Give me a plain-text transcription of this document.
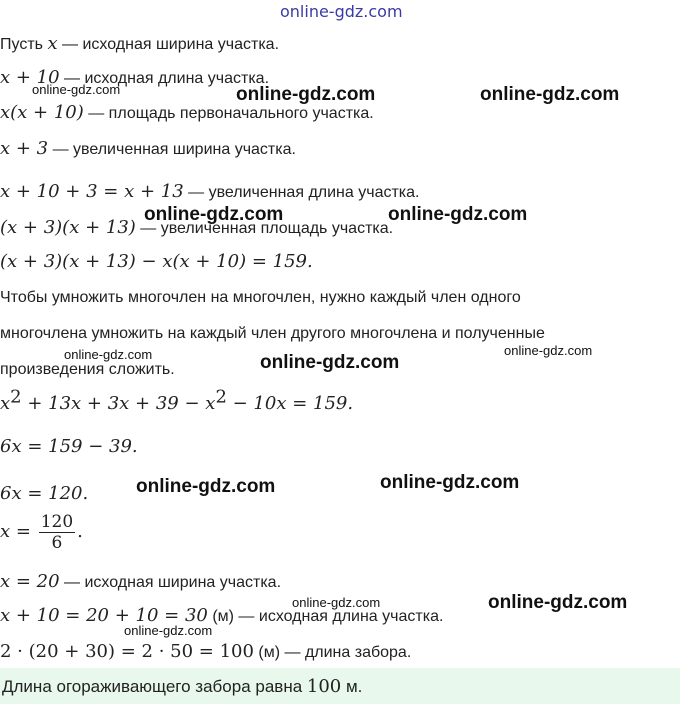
online-gdz.com
Пусть x — исходная ширина участка.
x + 10 — исходная длина участка.
x(x + 10) — площадь первоначального участка.
x + 3 — увеличенная ширина участка.
x + 10 + 3 = x + 13 — увеличенная длина участка.
(x + 3)(x + 13) — увеличенная площадь участка.
(x + 3)(x + 13) − x(x + 10) = 159.
Чтобы умножить многочлен на многочлен, нужно каждый член одного
многочлена умножить на каждый член другого многочлена и полученные
произведения сложить.
$x^2 + 13x + 3x + 39 - x^2 - 10x = 159$.
6x = 159 − 39.
6x = 120.
$x = \frac{120}{6}$ .
x = 20 — исходная ширина участка.
x + 10 = 20 + 10 = 30 (м) — исходная длина участка.
2 · (20 + 30) = 2 · 50 = 100 (м) — длина забора.
Длина огораживающего забора равна 100 м.
online-gdz.com	online-gdz.com	online-gdz.com
online-gdz.com	online-gdz.com
online-gdz.com	online-gdz.com
online-gdz.com
online-gdz.com	online-gdz.com
online-gdz.com	online-gdz.com
online-gdz.com
